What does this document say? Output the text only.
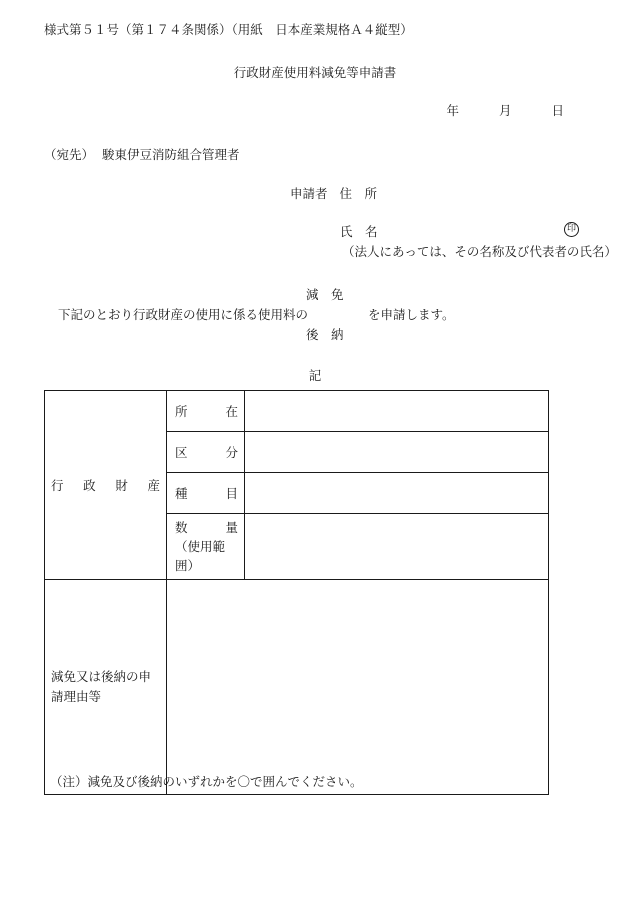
様式第５１号（第１７４条関係）（用紙　日本産業規格Ａ４縦型）
行政財産使用料減免等申請書
年	月	日
（宛先） 駿東伊豆消防組合管理者
申請者 住　所
氏　名	印
（法人にあっては、その名称及び代表者の氏名）
減　免
下記のとおり行政財産の使用に係る使用料の	を申請します。
後　納
記
行 政 財 産	所 在	

	区 分	

	種 目	

	数 量
（使用範囲）	

減免又は後納の申請理由等		
（注）減免及び後納のいずれかを〇で囲んでください。
